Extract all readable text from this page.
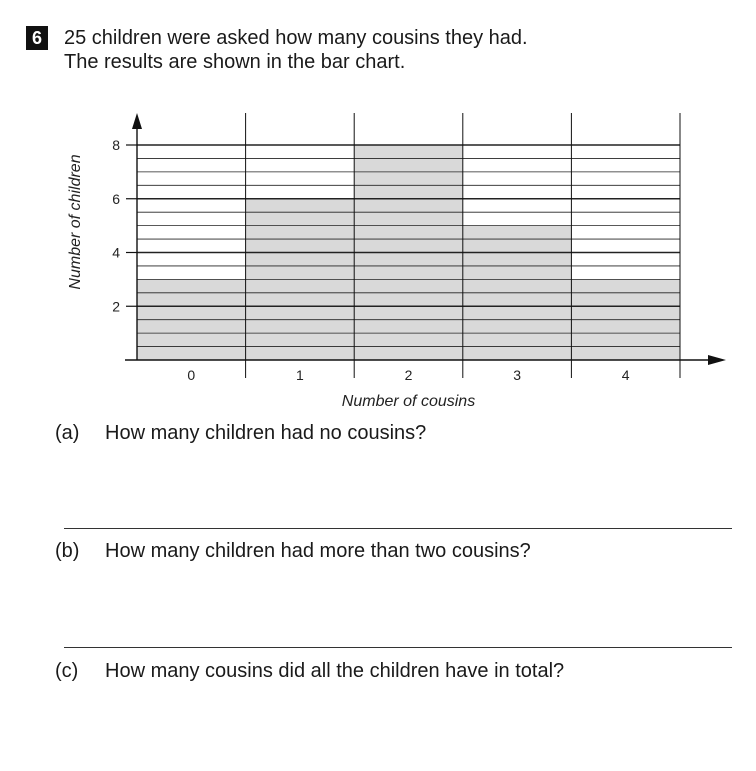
6	25 children were asked how many cousins they had.
The results are shown in the bar chart.
2
4
6
8
0	1	2	3	4
Number of cousins
Number of children
(a) How many children had no cousins?
(b) How many children had more than two cousins?
(c) How many cousins did all the children have in total?
